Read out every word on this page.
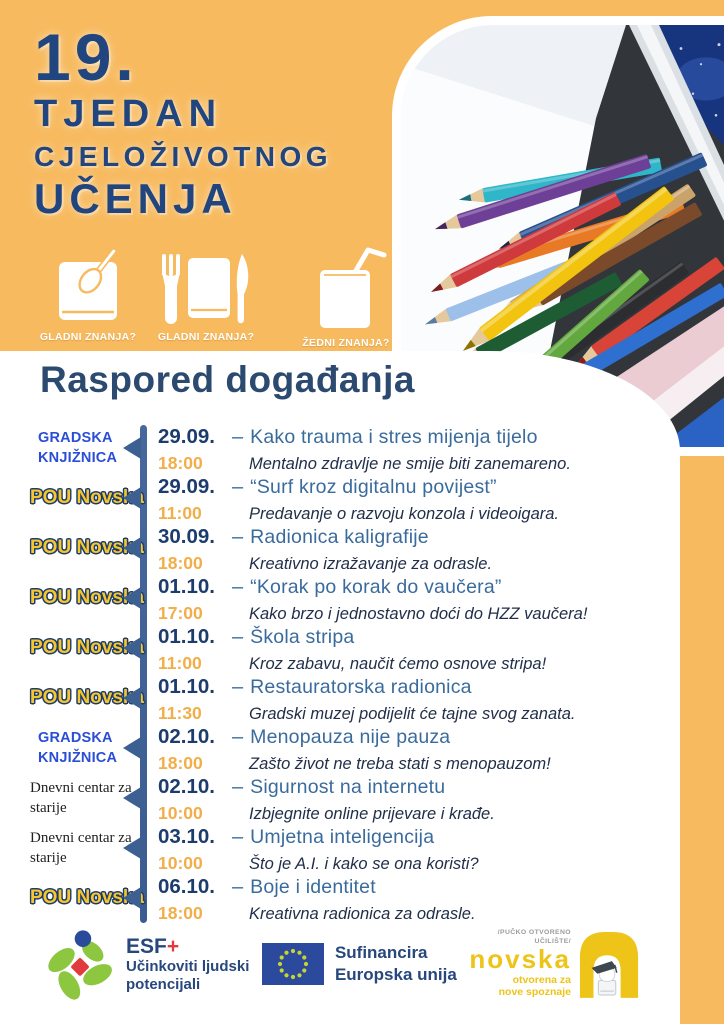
19.
TJEDAN
CJELOŽIVOTNOG
UČENJA
GLADNI ZNANJA?	GLADNI ZNANJA?	ŽEDNI ZNANJA?
Raspored događanja
GRADSKA KNJIŽNICA
29.09. – Kako trauma i stres mijenja tijelo
18:00	Mentalno zdravlje ne smije biti zanemareno.
POU Novska 29.09. – “Surf kroz digitalnu povijest”
11:00	Predavanje o razvoju konzola i videoigara.
POU Novska 30.09. – Radionica kaligrafije
18:00	Kreativno izražavanje za odrasle.
POU Novska 01.10. – “Korak po korak do vaučera”
17:00	Kako brzo i jednostavno doći do HZZ vaučera!
POU Novska 01.10. – Škola stripa
11:00	Kroz zabavu, naučit ćemo osnove stripa!
POU Novska 01.10. – Restauratorska radionica
11:30	Gradski muzej podijelit će tajne svog zanata.
GRADSKA KNJIŽNICA
02.10. – Menopauza nije pauza
18:00	Zašto život ne treba stati s menopauzom!
Dnevni centar za starije
02.10. – Sigurnost na internetu
10:00	Izbjegnite online prijevare i krađe.
Dnevni centar za starije
03.10. – Umjetna inteligencija
10:00	Što je A.I. i kako se ona koristi?
POU Novska 06.10. – Boje i identitet
18:00	Kreativna radionica za odrasle.
ESF+
Učinkoviti ljudski
potencijali
Sufinancira
Europska unija
/PUČKO OTVORENO
UČILIŠTE/
novska
otvorena za
nove spoznaje
